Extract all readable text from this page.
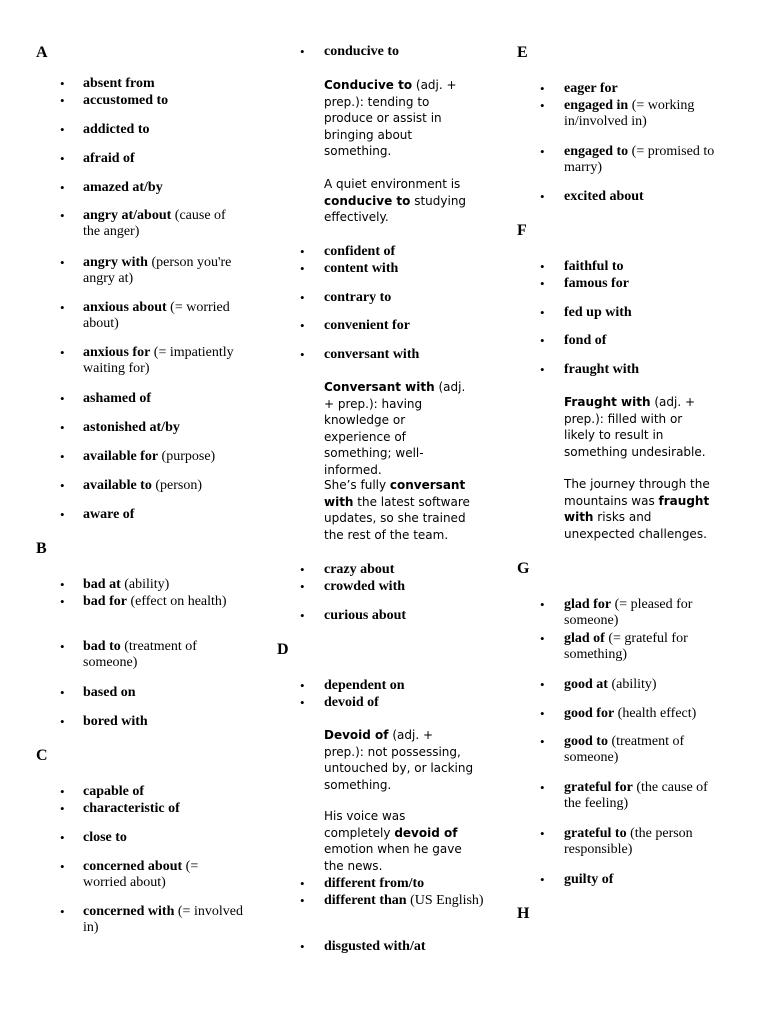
A
• absent from
• accustomed to
• addicted to
• afraid of
• amazed at/by
• angry at/about (cause of the anger)
• angry with (person you're angry at)
• anxious about (= worried about)
• anxious for (= impatiently waiting for)
• ashamed of
• astonished at/by
• available for (purpose)
• available to (person)
• aware of
B
• bad at (ability)
• bad for (effect on health)
• bad to (treatment of someone)
• based on
• bored with
C
• capable of
• characteristic of
• close to
• concerned about (= worried about)
• concerned with (= involved in)
• conducive to
Conducive to (adj. + prep.): tending to produce or assist in bringing about something.
A quiet environment is conducive to studying effectively.
• confident of
• content with
• contrary to
• convenient for
• conversant with
Conversant with (adj. + prep.): having knowledge or experience of something; well-informed.
She’s fully conversant with the latest software updates, so she trained the rest of the team.
• crazy about
• crowded with
• curious about
D
• dependent on
• devoid of
Devoid of (adj. + prep.): not possessing, untouched by, or lacking something.
His voice was completely devoid of emotion when he gave the news.
• different from/to
• different than (US English)
• disgusted with/at
E
• eager for
• engaged in (= working in/involved in)
• engaged to (= promised to marry)
• excited about
F
• faithful to
• famous for
• fed up with
• fond of
• fraught with
Fraught with (adj. + prep.): filled with or likely to result in something undesirable.
The journey through the mountains was fraught with risks and unexpected challenges.
G
• glad for (= pleased for someone)
• glad of (= grateful for something)
• good at (ability)
• good for (health effect)
• good to (treatment of someone)
• grateful for (the cause of the feeling)
• grateful to (the person responsible)
• guilty of
H
